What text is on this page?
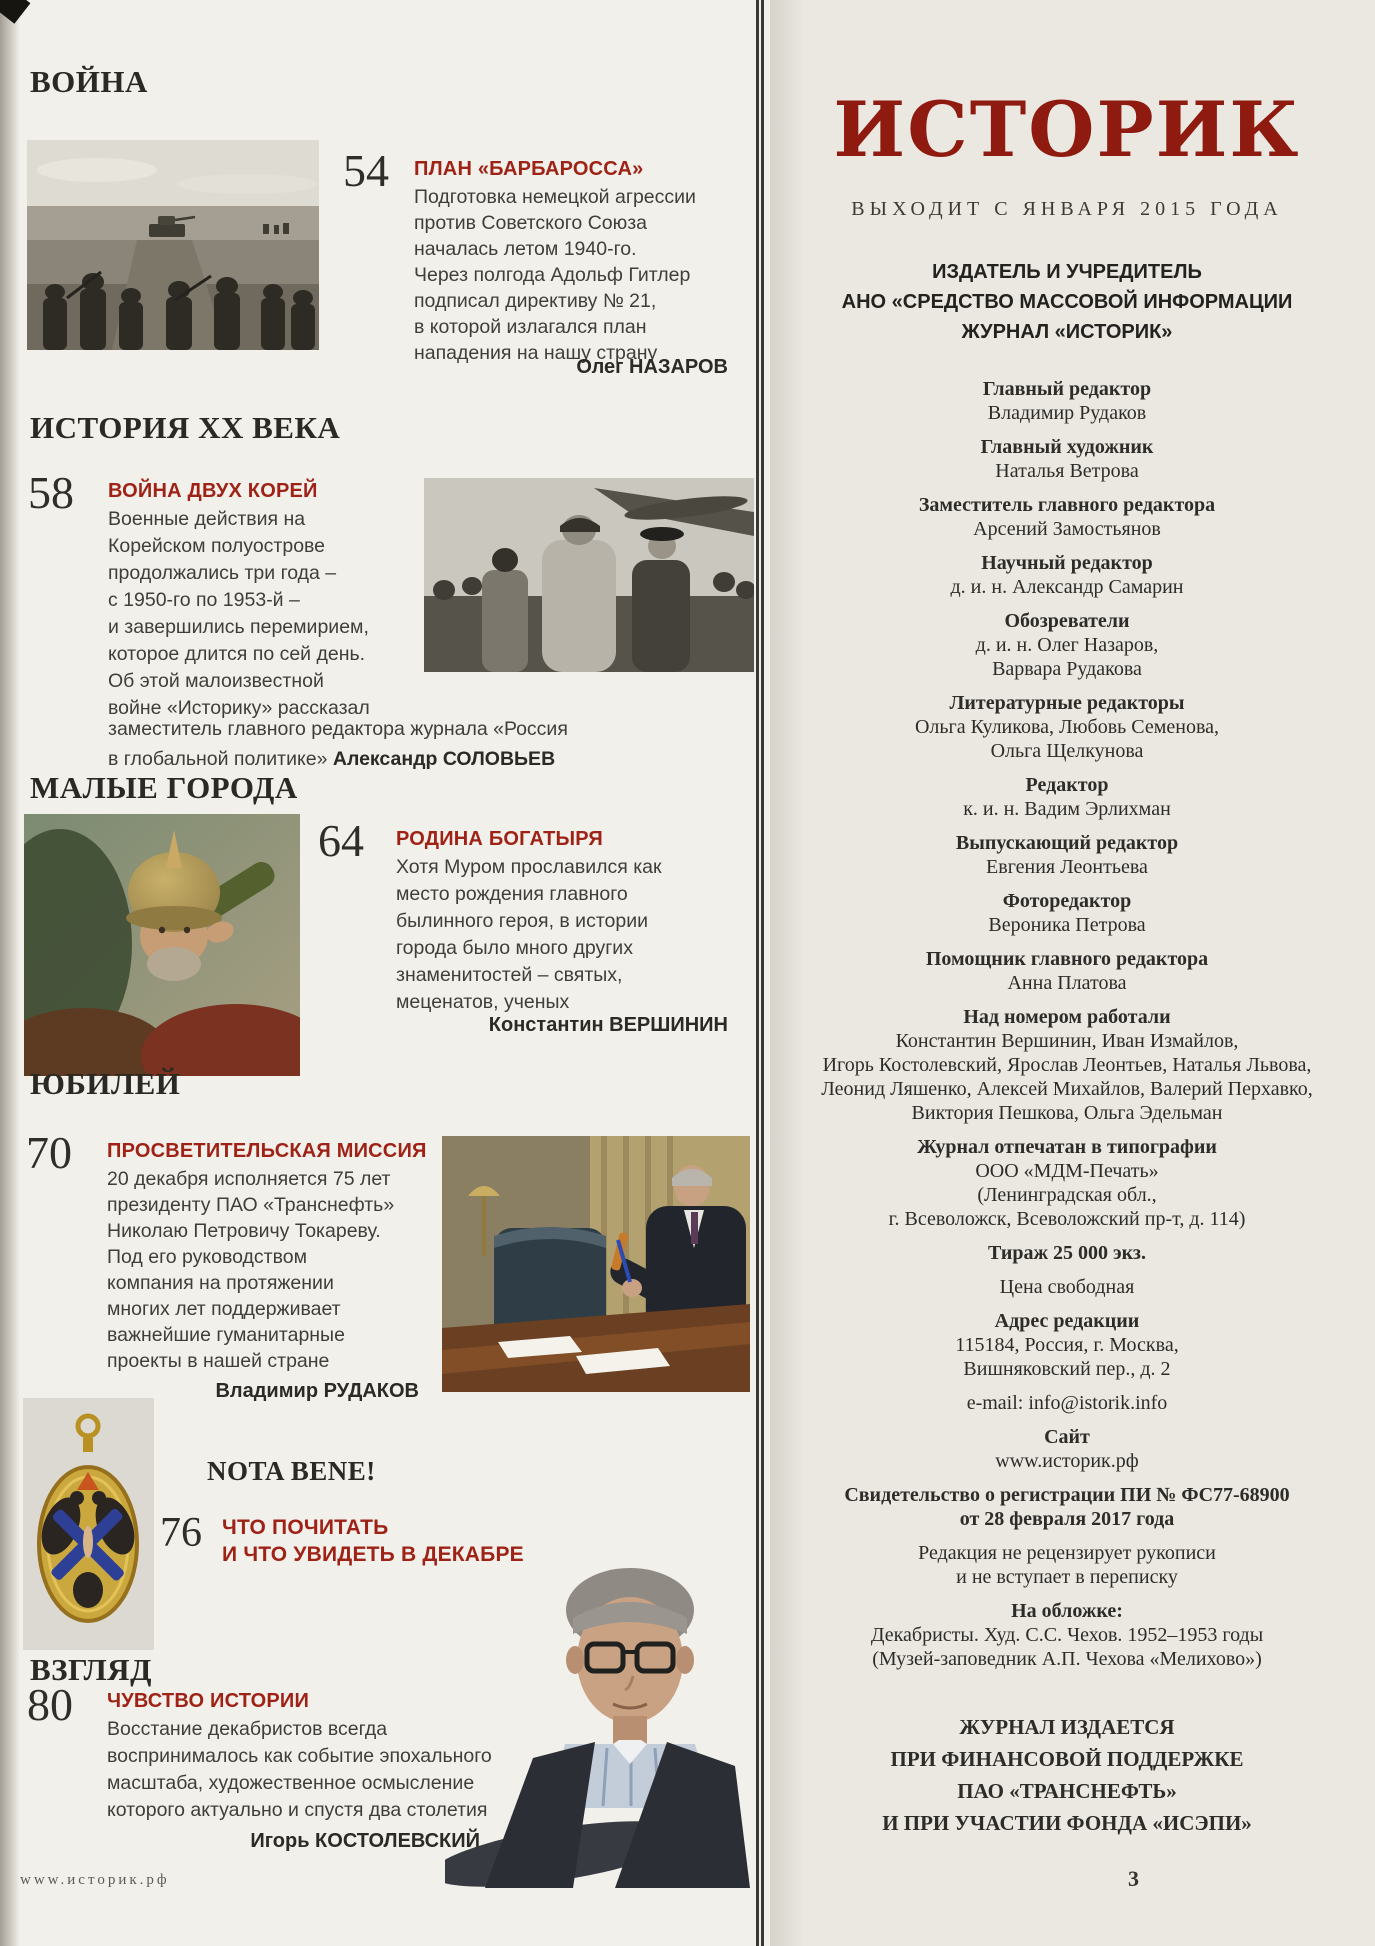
ВОЙНА
54 ПЛАН «БАРБАРОССА»
Подготовка немецкой агрессии
против Советского Союза
началась летом 1940-го.
Через полгода Адольф Гитлер
подписал директиву № 21,
в которой излагался план
нападения на нашу страну
Олег НАЗАРОВ
ИСТОРИЯ XX ВЕКА
58 ВОЙНА ДВУХ КОРЕЙ
Военные действия на
Корейском полуострове
продолжались три года –
с 1950-го по 1953-й –
и завершились перемирием,
которое длится по сей день.
Об этой малоизвестной
войне «Историку» рассказал
заместитель главного редактора журнала «Россия
в глобальной политике» Александр СОЛОВЬЕВ
МАЛЫЕ ГОРОДА
64 РОДИНА БОГАТЫРЯ
Хотя Муром прославился как
место рождения главного
былинного героя, в истории
города было много других
знаменитостей – святых,
меценатов, ученых
Константин ВЕРШИНИН
ЮБИЛЕЙ
70 ПРОСВЕТИТЕЛЬСКАЯ МИССИЯ
20 декабря исполняется 75 лет
президенту ПАО «Транснефть»
Николаю Петровичу Токареву.
Под его руководством
компания на протяжении
многих лет поддерживает
важнейшие гуманитарные
проекты в нашей стране
Владимир РУДАКОВ
NOTA BENE!
76 ЧТО ПОЧИТАТЬ
И ЧТО УВИДЕТЬ В ДЕКАБРЕ
ВЗГЛЯД
80 ЧУВСТВО ИСТОРИИ
Восстание декабристов всегда
воспринималось как событие эпохального
масштаба, художественное осмысление
которого актуально и спустя два столетия
Игорь КОСТОЛЕВСКИЙ
www.историк.рф
ИСТОРИК
ВЫХОДИТ С ЯНВАРЯ 2015 ГОДА
ИЗДАТЕЛЬ И УЧРЕДИТЕЛЬ
АНО «СРЕДСТВО МАССОВОЙ ИНФОРМАЦИИ
ЖУРНАЛ «ИСТОРИК»
Главный редактор
Владимир Рудаков
Главный художник
Наталья Ветрова
Заместитель главного редактора
Арсений Замостьянов
Научный редактор
д. и. н. Александр Самарин
Обозреватели
д. и. н. Олег Назаров,
Варвара Рудакова
Литературные редакторы
Ольга Куликова, Любовь Семенова,
Ольга Щелкунова
Редактор
к. и. н. Вадим Эрлихман
Выпускающий редактор
Евгения Леонтьева
Фоторедактор
Вероника Петрова
Помощник главного редактора
Анна Платова
Над номером работали
Константин Вершинин, Иван Измайлов,
Игорь Костолевский, Ярослав Леонтьев, Наталья Львова,
Леонид Ляшенко, Алексей Михайлов, Валерий Перхавко,
Виктория Пешкова, Ольга Эдельман
Журнал отпечатан в типографии
ООО «МДМ-Печать»
(Ленинградская обл.,
г. Всеволожск, Всеволожский пр-т, д. 114)
Тираж 25 000 экз.
Цена свободная
Адрес редакции
115184, Россия, г. Москва,
Вишняковский пер., д. 2
e-mail: info@istorik.info
Сайт
www.историк.рф
Свидетельство о регистрации ПИ № ФС77-68900
от 28 февраля 2017 года
Редакция не рецензирует рукописи
и не вступает в переписку
На обложке:
Декабристы. Худ. С.С. Чехов. 1952–1953 годы
(Музей-заповедник А.П. Чехова «Мелихово»)
ЖУРНАЛ ИЗДАЕТСЯ
ПРИ ФИНАНСОВОЙ ПОДДЕРЖКЕ
ПАО «ТРАНСНЕФТЬ»
И ПРИ УЧАСТИИ ФОНДА «ИСЭПИ»
3
